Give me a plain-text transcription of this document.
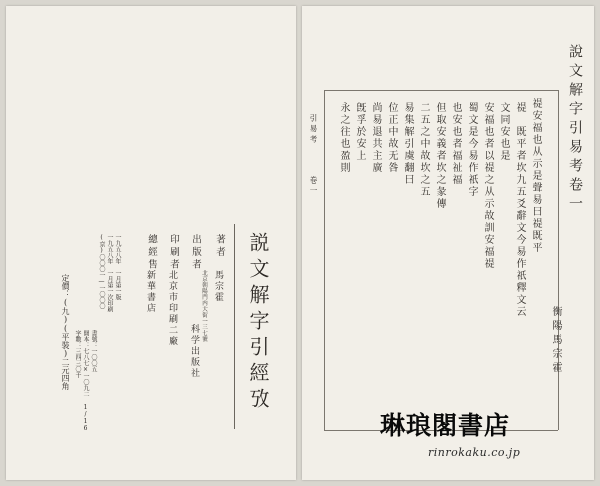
説文解字引經攷
著者
馬宗霍
出版者
北京朝陽門内大街一三七號
科学出版社
印刷者
北京市印刷二廠
總經售
新華書店
一九五八年　一月第一版
一九五八年　一月第一次印刷
(京)〇〇〇一—一〇〇〇
書號：一〇〇五
開本：七八七×一〇九二 1/16
字數：三四三〇千
定價：(九)(平裝)二元四角
引易考
卷一	說文解字引易考卷一
衡陽馬宗霍
禔安福也从示是聲易曰禔既平
禔　既平者坎九五爻辭文今易作祇釋文云
文同安也是
安福也者以禔之从示故訓安福禔
蜀文是今易作祇字
也安也者福祉福
但取安義者坎之彖傳
二五之中故坎之五
易集解引虞翻曰
位正中故无咎
尚易退共主廣
旣孚於安上
永之往也盈則
琳琅閣書店
rinrokaku.co.jp
